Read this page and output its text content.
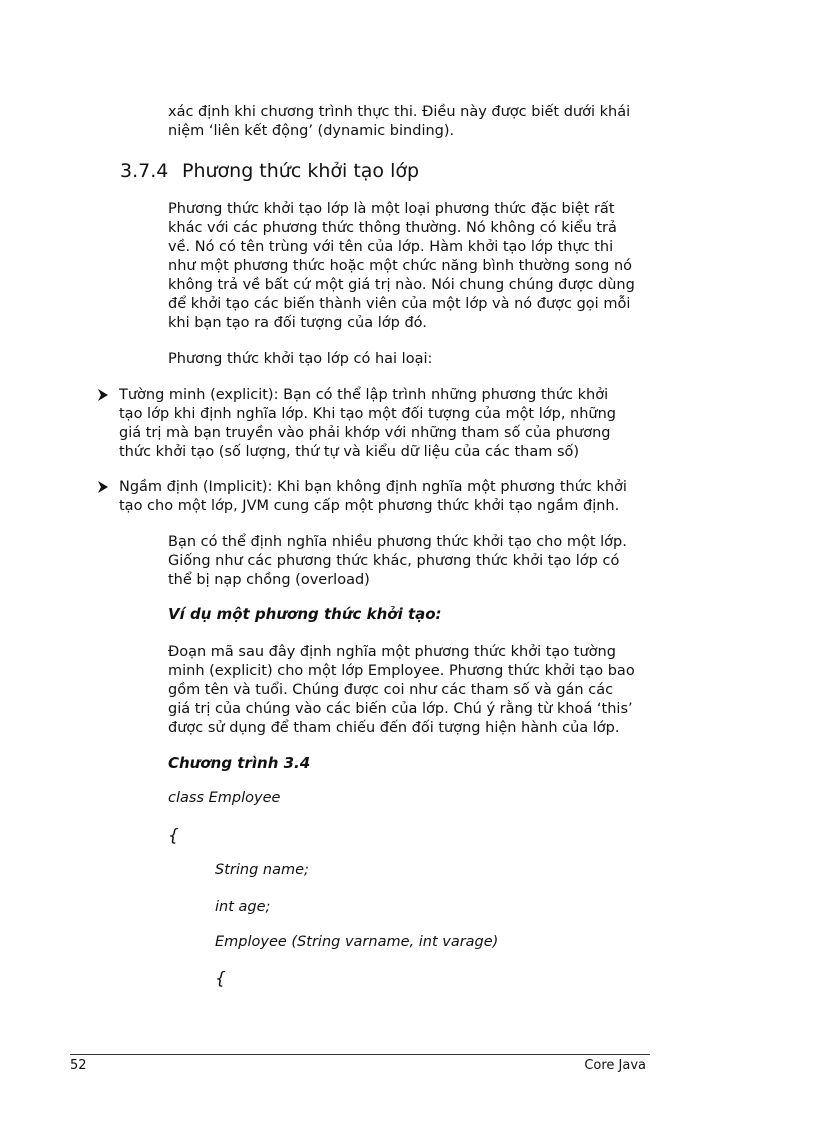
xác định khi chương trình thực thi. Điều này được biết dưới khái

niệm ‘liên kết động’ (dynamic binding).

3.7.4 Phương thức khởi tạo lớp

Phương thức khởi tạo lớp là một loại phương thức đặc biệt rất

khác với các phương thức thông thường. Nó không có kiểu trả

về. Nó có tên trùng với tên của lớp. Hàm khởi tạo lớp thực thi

như một phương thức hoặc một chức năng bình thường song nó

không trả về bất cứ một giá trị nào. Nói chung chúng được dùng

để khởi tạo các biến thành viên của một lớp và nó được gọi mỗi

khi bạn tạo ra đối tượng của lớp đó.

Phương thức khởi tạo lớp có hai loại:

Tường minh (explicit): Bạn có thể lập trình những phương thức khởi

tạo lớp khi định nghĩa lớp. Khi tạo một đối tượng của một lớp, những

giá trị mà bạn truyền vào phải khớp với những tham số của phương

thức khởi tạo (số lượng, thứ tự và kiểu dữ liệu của các tham số)

Ngầm định (Implicit): Khi bạn không định nghĩa một phương thức khởi

tạo cho một lớp, JVM cung cấp một phương thức khởi tạo ngầm định.

Bạn có thể định nghĩa nhiều phương thức khởi tạo cho một lớp.

Giống như các phương thức khác, phương thức khởi tạo lớp có

thể bị nạp chồng (overload)

Ví dụ một phương thức khởi tạo:

Đoạn mã sau đây định nghĩa một phương thức khởi tạo tường

minh (explicit) cho một lớp Employee. Phương thức khởi tạo bao

gồm tên và tuổi. Chúng được coi như các tham số và gán các

giá trị của chúng vào các biến của lớp. Chú ý rằng từ khoá ‘this’

được sử dụng để tham chiếu đến đối tượng hiện hành của lớp.

Chương trình 3.4
class Employee
{
String name;
int age;
Employee (String varname, int varage)
{
52	Core Java
